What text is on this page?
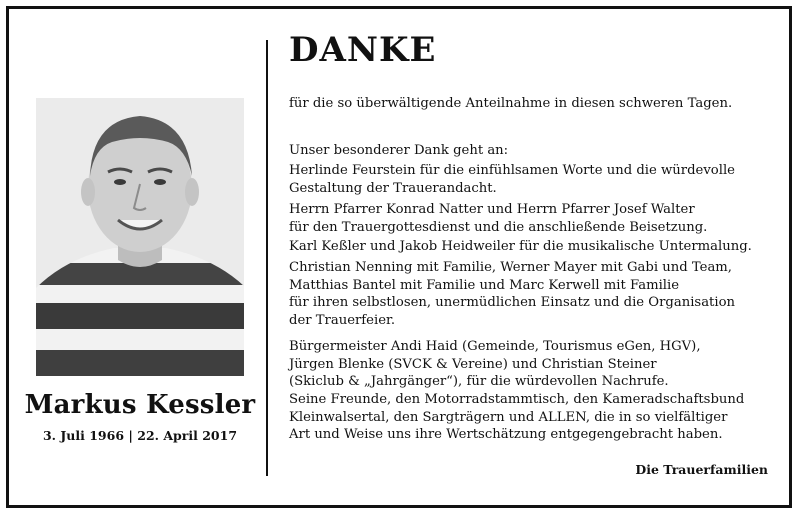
Markus Kessler
3. Juli 1966 | 22. April 2017
DANKE
für die so überwältigende Anteilnahme in diesen schweren Tagen.
Unser besonderer Dank geht an:
Herlinde Feurstein für die einfühlsamen Worte und die würdevolle
Gestaltung der Trauerandacht.
Herrn Pfarrer Konrad Natter und Herrn Pfarrer Josef Walter
für den Trauergottesdienst und die anschließende Beisetzung.
Karl Keßler und Jakob Heidweiler für die musikalische Untermalung.
Christian Nenning mit Familie, Werner Mayer mit Gabi und Team,
Matthias Bantel mit Familie und Marc Kerwell mit Familie
für ihren selbstlosen, unermüdlichen Einsatz und die Organisation
der Trauerfeier.
Bürgermeister Andi Haid (Gemeinde, Tourismus eGen, HGV),
Jürgen Blenke (SVCK & Vereine) und Christian Steiner
(Skiclub & „Jahrgänger“), für die würdevollen Nachrufe.
Seine Freunde, den Motorradstammtisch, den Kameradschaftsbund
Kleinwalsertal, den Sargträgern und ALLEN, die in so vielfältiger
Art und Weise uns ihre Wertschätzung entgegengebracht haben.
Die Trauerfamilien
